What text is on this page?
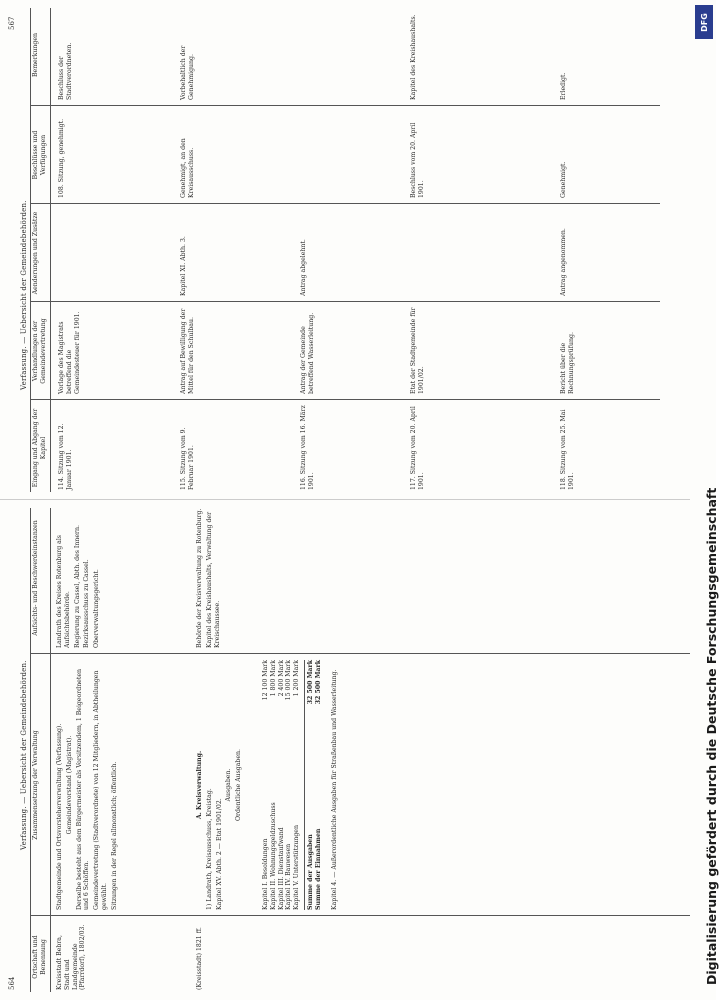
564
Verfassung. — Uebersicht der Gemeindebehörden.
Ortschaft und Benennung
Zusammensetzung der Verwaltung
Aufsichts- und Beschwerdeinstanzen
Kreisstadt Bebra, Stadt und Landgemeinde (Pfarrdorf), 1802/03.

Stadtgemeinde und Ortsvorsteherverwaltung (Verfassung). Gemeindevorstand (Magistrat). Derselbe besteht aus dem Bürgermeister als Vorsitzendem, 1 Beigeordneten und 6 Schöffen. Gemeindevertretung (Stadtverordnete) von 12 Mitgliedern, in Abtheilungen gewählt. Sitzungen in der Regel allmonatlich; öffentlich.

Landrath des Kreises Rotenburg als Aufsichtsbehörde. Regierung zu Cassel, Abth. des Innern. Bezirksausschuss zu Cassel. Oberverwaltungsgericht.

(Kreisstadt) 1821 ff.

A. Kreisverwaltung.

1) Landrath, Kreisausschuss, Kreistag. Kapitel XV. Abth. 2 — Etat 1901/02.

Ausgaben. Ordentliche Ausgaben.

Behörde der Kreisverwaltung zu Rotenburg. Kapitel des Kreishaushalts, Verwaltung der Kreischaussee.

Kapitel I. Besoldungen
12 100 Mark
Kapitel II. Wohnungsgeldzuschuss
1 800 Mark
Kapitel III. Dienstaufwand
2 400 Mark
Kapitel IV. Bauwesen
15 000 Mark
Kapitel V. Unterstützungen
1 200 Mark
Summe der Ausgaben
32 500 Mark
Summe der Einnahmen
32 500 Mark Kapitel 4. — Außerordentliche Ausgaben für Straßenbau und Wasserleitung.

567
Verfassung. — Uebersicht der Gemeindebehörden.
Eingang und Abgang der Kapitel
Verhandlungen der Gemeindevertretung
Aenderungen und Zusätze
Beschlüsse und Verfügungen
Bemerkungen
114. Sitzung vom 12. Januar 1901.
Vorlage des Magistrats betreffend die Gemeindesteuer für 1901.
108. Sitzung, genehmigt.
Beschluss der Stadtverordneten.
115. Sitzung vom 9. Februar 1901.
Antrag auf Bewilligung der Mittel für den Schulbau.
Kapitel XI. Abth. 3.
Genehmigt, an den Kreisausschuss.
Vorbehaltlich der Genehmigung.
116. Sitzung vom 16. März 1901.
Antrag der Gemeinde betreffend Wasserleitung.
Antrag abgelehnt.
117. Sitzung vom 20. April 1901.
Etat der Stadtgemeinde für 1901/02.
Beschluss vom 20. April 1901.
Kapitel des Kreishaushalts.
118. Sitzung vom 25. Mai 1901.
Bericht über die Rechnungsprüfung.
Antrag angenommen.
Genehmigt.
Erledigt.
DFG
Digitalisierung gefördert durch die Deutsche Forschungsgemeinschaft
